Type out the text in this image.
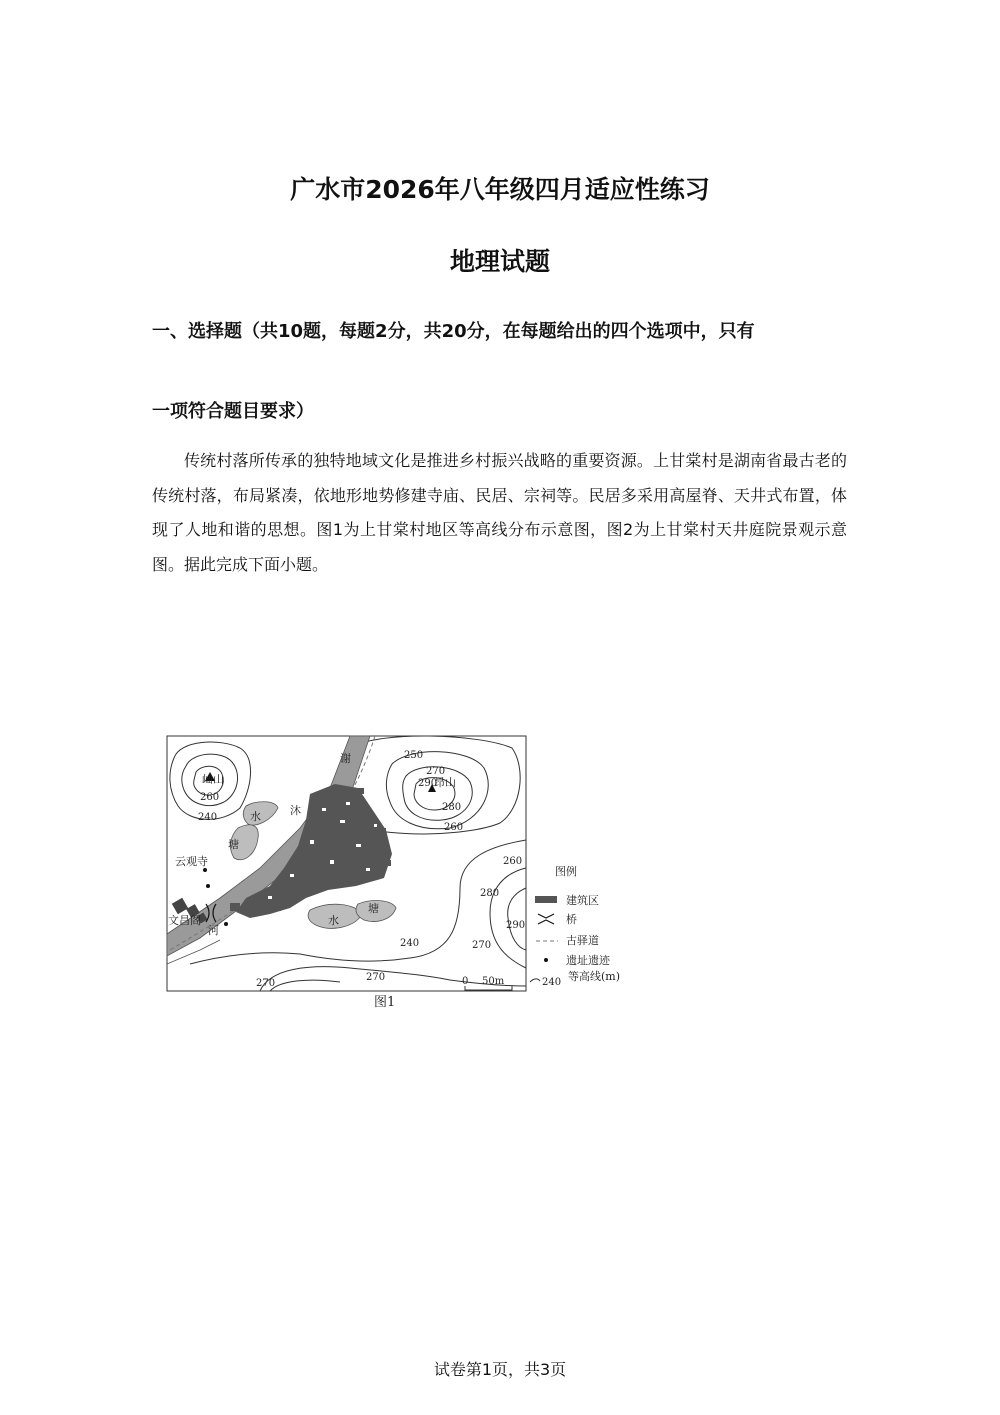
广水市2026年八年级四月适应性练习
地理试题
一、选择题（共10题，每题2分，共20分，在每题给出的四个选项中，只有
一项符合题目要求）
传统村落所传承的独特地域文化是推进乡村振兴战略的重要资源。上甘棠村是湖南省最古老的传统村落，布局紧凑，依地形地势修建寺庙、民居、宗祠等。民居多采用高屋脊、天井式布置，体现了人地和谐的思想。图1为上甘棠村地区等高线分布示意图，图2为上甘棠村天井庭院景观示意图。据此完成下面小题。
屾山	昂山
谢
沐
河
水
塘
水
塘
云观寺
文昌阁
260
240
250
270
290
280
260
260
280
290
270
240
270
270	0 50m
图例
建筑区
桥
古驿道
遗址遗迹
240 等高线(m)
图1
试卷第1页，共3页
